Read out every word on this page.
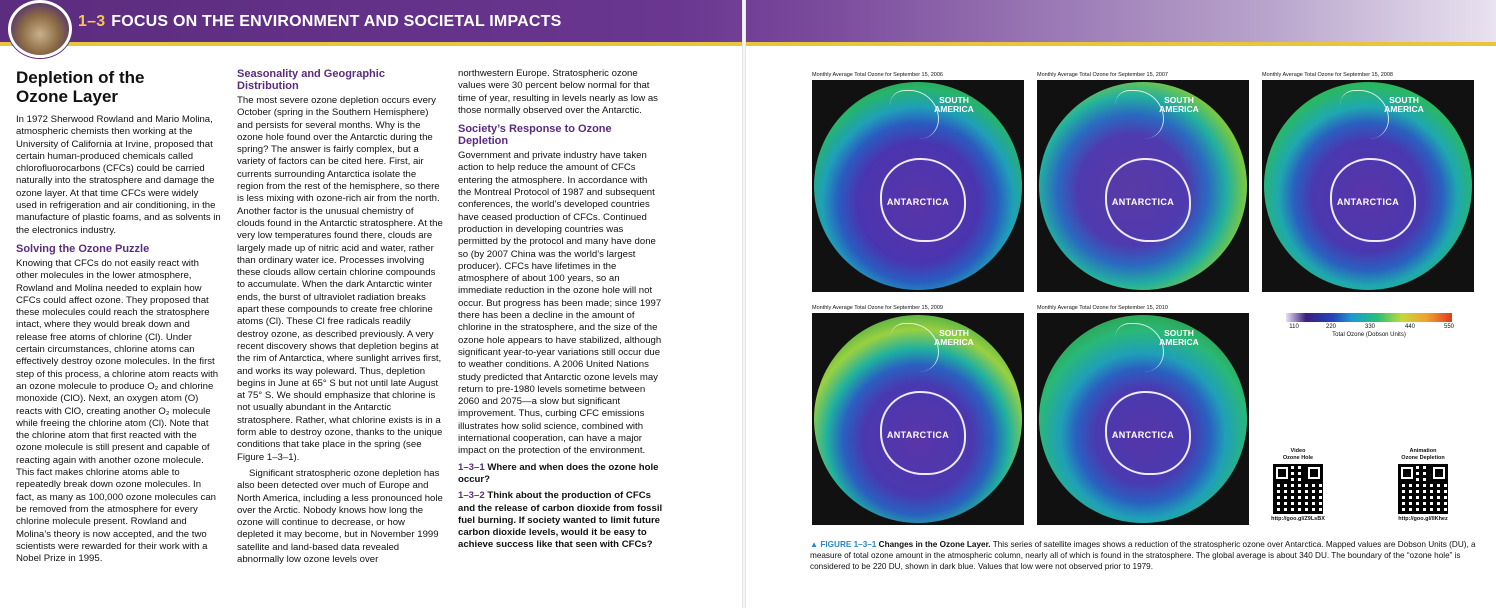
1–3 FOCUS ON THE ENVIRONMENT AND SOCIETAL IMPACTS
Depletion of the
Ozone Layer

In 1972 Sherwood Rowland and Mario Molina, atmospheric chemists then working at the University of California at Irvine, proposed that certain human-produced chemicals called chlorofluorocarbons (CFCs) could be carried naturally into the stratosphere and damage the ozone layer. At that time CFCs were widely used in refrigeration and air conditioning, in the manufacture of plastic foams, and as solvents in the electronics industry.

Solving the Ozone Puzzle

Knowing that CFCs do not easily react with other molecules in the lower atmosphere, Rowland and Molina needed to explain how CFCs could affect ozone. They proposed that these molecules could reach the stratosphere intact, where they would break down and release free atoms of chlorine (Cl). Under certain circumstances, chlorine atoms can effectively destroy ozone molecules. In the first step of this process, a chlorine atom reacts with an ozone molecule to produce O₂ and chlorine monoxide (ClO). Next, an oxygen atom (O) reacts with ClO, creating another O₂ molecule while freeing the chlorine atom (Cl). Note that the chlorine atom that first reacted with the ozone molecule is still present and capable of reacting again with another ozone molecule. This fact makes chlorine atoms able to repeatedly break down ozone molecules. In fact, as many as 100,000 ozone molecules can be removed from the atmosphere for every chlorine molecule present. Rowland and Molina’s theory is now accepted, and the two scientists were rewarded for their work with a Nobel Prize in 1995.

Seasonality and Geographic Distribution

The most severe ozone depletion occurs every October (spring in the Southern Hemisphere) and persists for several months. Why is the ozone hole found over the Antarctic during the spring? The answer is fairly complex, but a variety of factors can be cited here. First, air currents surrounding Antarctica isolate the region from the rest of the hemisphere, so there is less mixing with ozone-rich air from the north. Another factor is the unusual chemistry of clouds found in the Antarctic stratosphere. At the very low temperatures found there, clouds are largely made up of nitric acid and water, rather than ordinary water ice. Processes involving these clouds allow certain chlorine compounds to accumulate. When the dark Antarctic winter ends, the burst of ultraviolet radiation breaks apart these compounds to create free chlorine atoms (Cl). These Cl free radicals readily destroy ozone, as described previously. A very recent discovery shows that depletion begins at the rim of Antarctica, where sunlight arrives first, and works its way poleward. Thus, depletion begins in June at 65° S but not until late August at 75° S. We should emphasize that chlorine is not usually abundant in the Antarctic stratosphere. Rather, what chlorine exists is in a form able to destroy ozone, thanks to the unique conditions that take place in the spring (see Figure 1–3–1).

Significant stratospheric ozone depletion has also been detected over much of Europe and North America, including a less pronounced hole over the Arctic. Nobody knows how long the ozone will continue to decrease, or how depleted it may become, but in November 1999 satellite and land-based data revealed abnormally low ozone levels over

northwestern Europe. Stratospheric ozone values were 30 percent below normal for that time of year, resulting in levels nearly as low as those normally observed over the Antarctic.

Society’s Response to Ozone Depletion

Government and private industry have taken action to help reduce the amount of CFCs entering the atmosphere. In accordance with the Montreal Protocol of 1987 and subsequent conferences, the world’s developed countries have ceased production of CFCs. Continued production in developing countries was permitted by the protocol and many have done so (by 2007 China was the world’s largest producer). CFCs have lifetimes in the atmosphere of about 100 years, so an immediate reduction in the ozone hole will not occur. But progress has been made; since 1997 there has been a decline in the amount of chlorine in the stratosphere, and the size of the ozone hole appears to have stabilized, although significant year-to-year variations still occur due to weather conditions. A 2006 United Nations study predicted that Antarctic ozone levels may return to pre-1980 levels sometime between 2060 and 2075—a slow but significant improvement. Thus, curbing CFC emissions illustrates how solid science, combined with international cooperation, can have a major impact on the protection of the environment.

1–3–1 Where and when does the ozone hole occur?

1–3–2 Think about the production of CFCs and the release of carbon dioxide from fossil fuel burning. If society wanted to limit future carbon dioxide levels, would it be easy to achieve success like that seen with CFCs?

Monthly Average Total Ozone for September 15, 2006
SOUTH AMERICA
ANTARCTICA
Monthly Average Total Ozone for September 15, 2007
SOUTH AMERICA
ANTARCTICA
Monthly Average Total Ozone for September 15, 2008
SOUTH AMERICA
ANTARCTICA
Monthly Average Total Ozone for September 15, 2009
SOUTH AMERICA
ANTARCTICA
Monthly Average Total Ozone for September 15, 2010
SOUTH AMERICA
ANTARCTICA
110	220	330	440	550
Total Ozone (Dobson Units)
Video
Ozone Hole
http://goo.gl/Z9LsBX
Animation
Ozone Depletion
http://goo.gl/lIKhez
▲ FIGURE 1–3–1 Changes in the Ozone Layer. This series of satellite images shows a reduction of the stratospheric ozone over Antarctica. Mapped values are Dobson Units (DU), a measure of total ozone amount in the atmospheric column, nearly all of which is found in the stratosphere. The global average is about 340 DU. The boundary of the “ozone hole” is considered to be 220 DU, shown in dark blue. Values that low were not observed prior to 1979.
